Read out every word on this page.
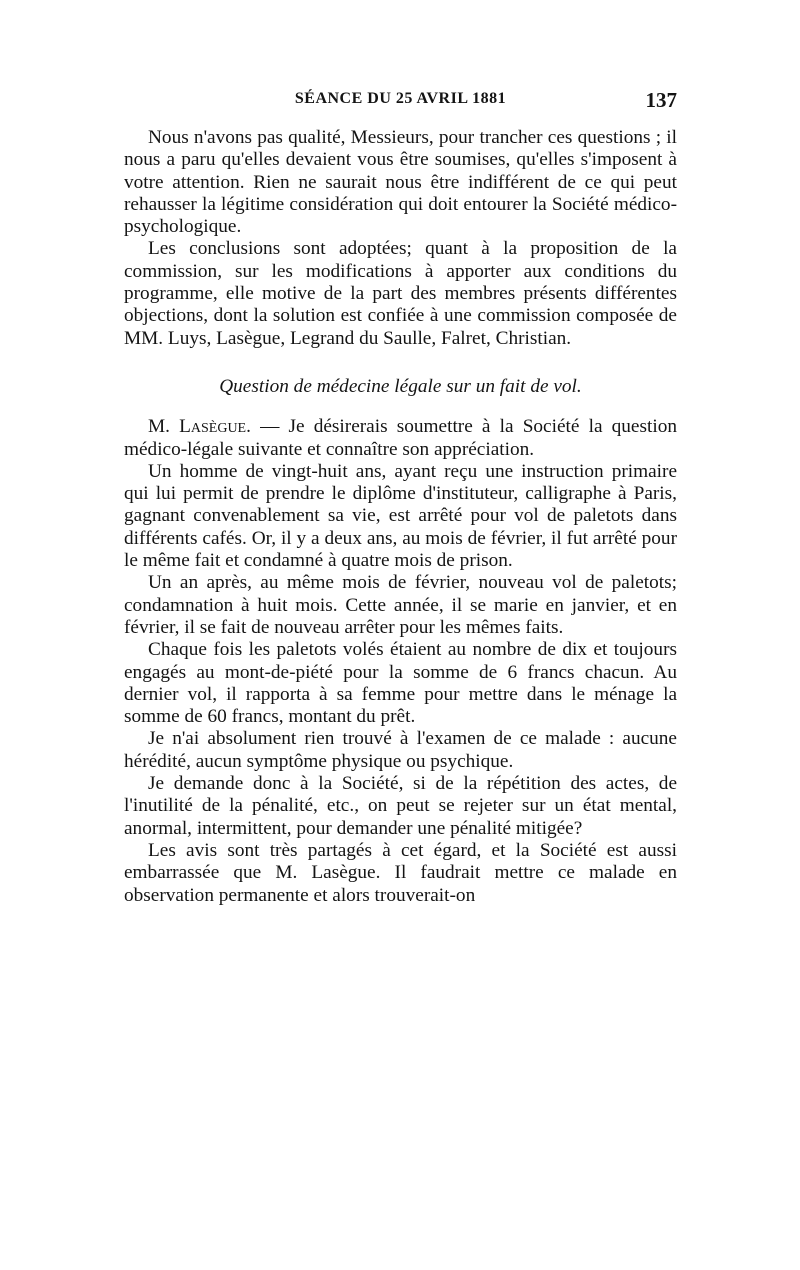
SÉANCE DU 25 AVRIL 1881	137

Nous n'avons pas qualité, Messieurs, pour trancher ces questions ; il nous a paru qu'elles devaient vous être soumises, qu'elles s'imposent à votre attention. Rien ne saurait nous être indifférent de ce qui peut rehausser la légitime considération qui doit entourer la Société médico-psychologique.

Les conclusions sont adoptées; quant à la proposition de la commission, sur les modifications à apporter aux conditions du programme, elle motive de la part des membres présents différentes objections, dont la solution est confiée à une commission composée de MM. Luys, Lasègue, Legrand du Saulle, Falret, Christian.

Question de médecine légale sur un fait de vol.

M. Lasègue. — Je désirerais soumettre à la Société la question médico-légale suivante et connaître son appréciation.

Un homme de vingt-huit ans, ayant reçu une instruction primaire qui lui permit de prendre le diplôme d'instituteur, calligraphe à Paris, gagnant convenablement sa vie, est arrêté pour vol de paletots dans différents cafés. Or, il y a deux ans, au mois de février, il fut arrêté pour le même fait et condamné à quatre mois de prison.

Un an après, au même mois de février, nouveau vol de paletots; condamnation à huit mois. Cette année, il se marie en janvier, et en février, il se fait de nouveau arrêter pour les mêmes faits.

Chaque fois les paletots volés étaient au nombre de dix et toujours engagés au mont-de-piété pour la somme de 6 francs chacun. Au dernier vol, il rapporta à sa femme pour mettre dans le ménage la somme de 60 francs, montant du prêt.

Je n'ai absolument rien trouvé à l'examen de ce malade : aucune hérédité, aucun symptôme physique ou psychique.

Je demande donc à la Société, si de la répétition des actes, de l'inutilité de la pénalité, etc., on peut se rejeter sur un état mental, anormal, intermittent, pour demander une pénalité mitigée?

Les avis sont très partagés à cet égard, et la Société est aussi embarrassée que M. Lasègue. Il faudrait mettre ce malade en observation permanente et alors trouverait-on
